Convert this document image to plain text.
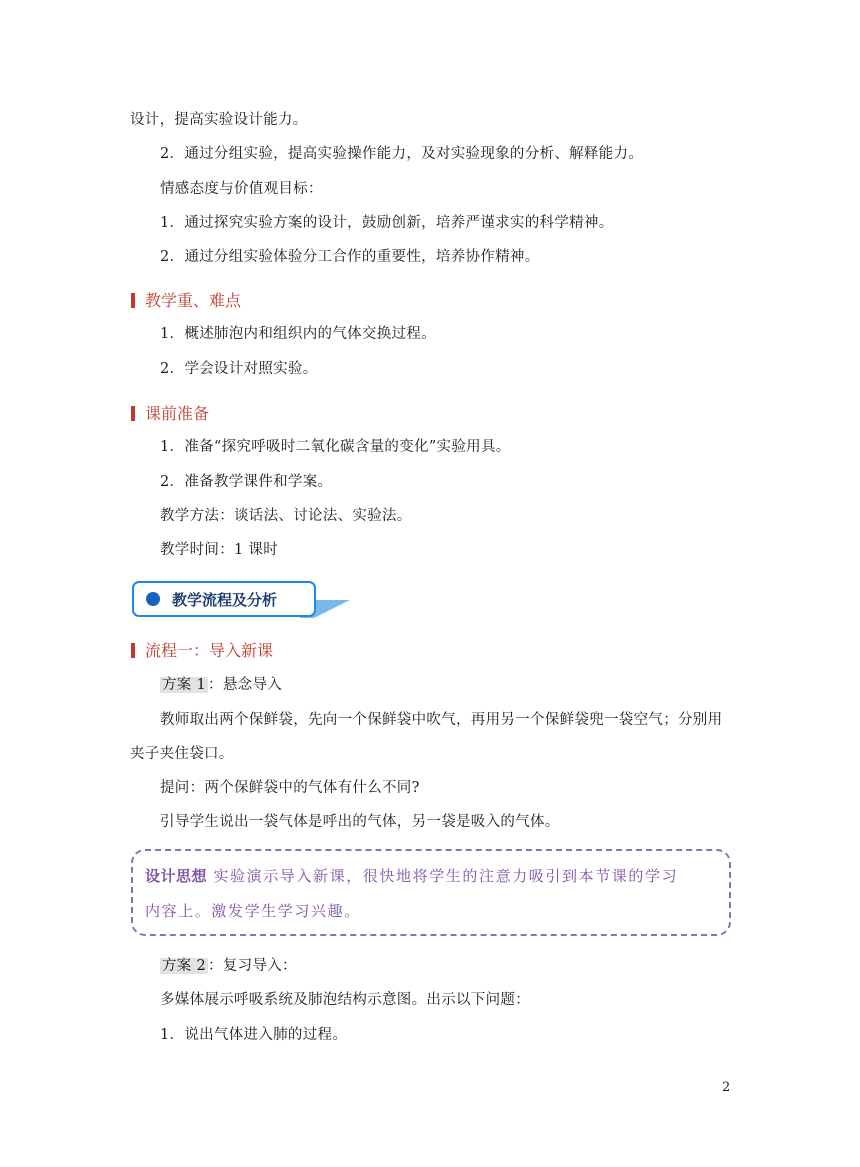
设计，提高实验设计能力。
2．通过分组实验，提高实验操作能力，及对实验现象的分析、解释能力。
情感态度与价值观目标：
1．通过探究实验方案的设计，鼓励创新，培养严谨求实的科学精神。
2．通过分组实验体验分工合作的重要性，培养协作精神。
教学重、难点
1．概述肺泡内和组织内的气体交换过程。
2．学会设计对照实验。
课前准备
1．准备“探究呼吸时二氧化碳含量的变化”实验用具。
2．准备教学课件和学案。
教学方法：谈话法、讨论法、实验法。
教学时间：1 课时
教学流程及分析
流程一：导入新课
方案 1 ：悬念导入
教师取出两个保鲜袋，先向一个保鲜袋中吹气，再用另一个保鲜袋兜一袋空气；分别用
夹子夹住袋口。
提问：两个保鲜袋中的气体有什么不同?
引导学生说出一袋气体是呼出的气体，另一袋是吸入的气体。
设计思想 实验演示导入新课，很快地将学生的注意力吸引到本节课的学习
内容上。激发学生学习兴趣。
方案 2 ：复习导入：
多媒体展示呼吸系统及肺泡结构示意图。出示以下问题：
1．说出气体进入肺的过程。
2
